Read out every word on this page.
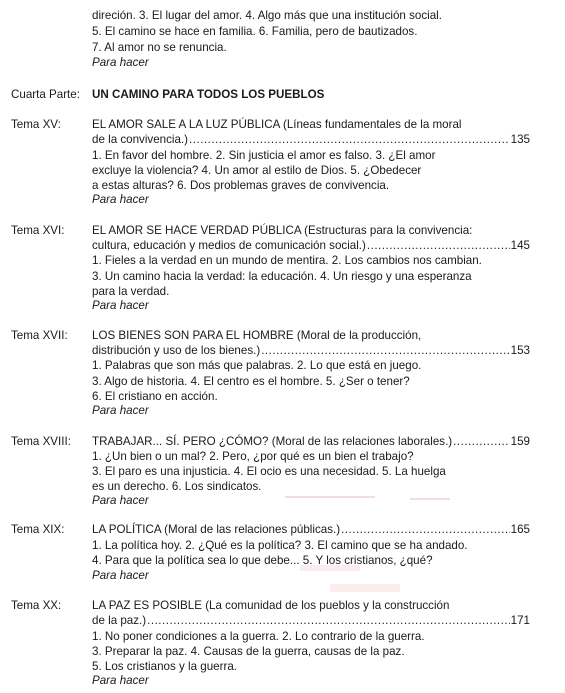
direción. 3. El lugar del amor. 4. Algo más que una institución social.
5. El camino se hace en familia. 6. Familia, pero de bautizados.
7. Al amor no se renuncia.
Para hacer
Cuarta Parte: UN CAMINO PARA TODOS LOS PUEBLOS
Tema XV:	EL AMOR SALE A LA LUZ PÚBLICA (Líneas fundamentales de la moral
de la convivencia.) .....	135
1. En favor del hombre. 2. Sin justicia el amor es falso. 3. ¿El amor
excluye la violencia? 4. Un amor al estilo de Dios. 5. ¿Obedecer
a estas alturas? 6. Dos problemas graves de convivencia.
Para hacer
Tema XVI: EL AMOR SE HACE VERDAD PÚBLICA (Estructuras para la convivencia:
cultura, educación y medios de comunicación social.) .....	145
1. Fieles a la verdad en un mundo de mentira. 2. Los cambios nos cambian.
3. Un camino hacia la verdad: la educación. 4. Un riesgo y una esperanza
para la verdad.
Para hacer
Tema XVII: LOS BIENES SON PARA EL HOMBRE (Moral de la producción,
distribución y uso de los bienes.) .....	153
1. Palabras que son más que palabras. 2. Lo que está en juego.
3. Algo de historia. 4. El centro es el hombre. 5. ¿Ser o tener?
6. El cristiano en acción.
Para hacer
Tema XVIII: TRABAJAR... SÍ. PERO ¿CÓMO? (Moral de las relaciones laborales.) .....	159
1. ¿Un bien o un mal? 2. Pero, ¿por qué es un bien el trabajo?
3. El paro es una injusticia. 4. El ocio es una necesidad. 5. La huelga
es un derecho. 6. Los sindicatos.
Para hacer
Tema XIX: LA POLÍTICA (Moral de las relaciones públicas.) .....	165
1. La política hoy. 2. ¿Qué es la política? 3. El camino que se ha andado.
4. Para que la política sea lo que debe... 5. Y los cristianos, ¿qué?
Para hacer
Tema XX:	LA PAZ ES POSIBLE (La comunidad de los pueblos y la construcción
de la paz.) .....	171
1. No poner condiciones a la guerra. 2. Lo contrario de la guerra.
3. Preparar la paz. 4. Causas de la guerra, causas de la paz.
5. Los cristianos y la guerra.
Para hacer
